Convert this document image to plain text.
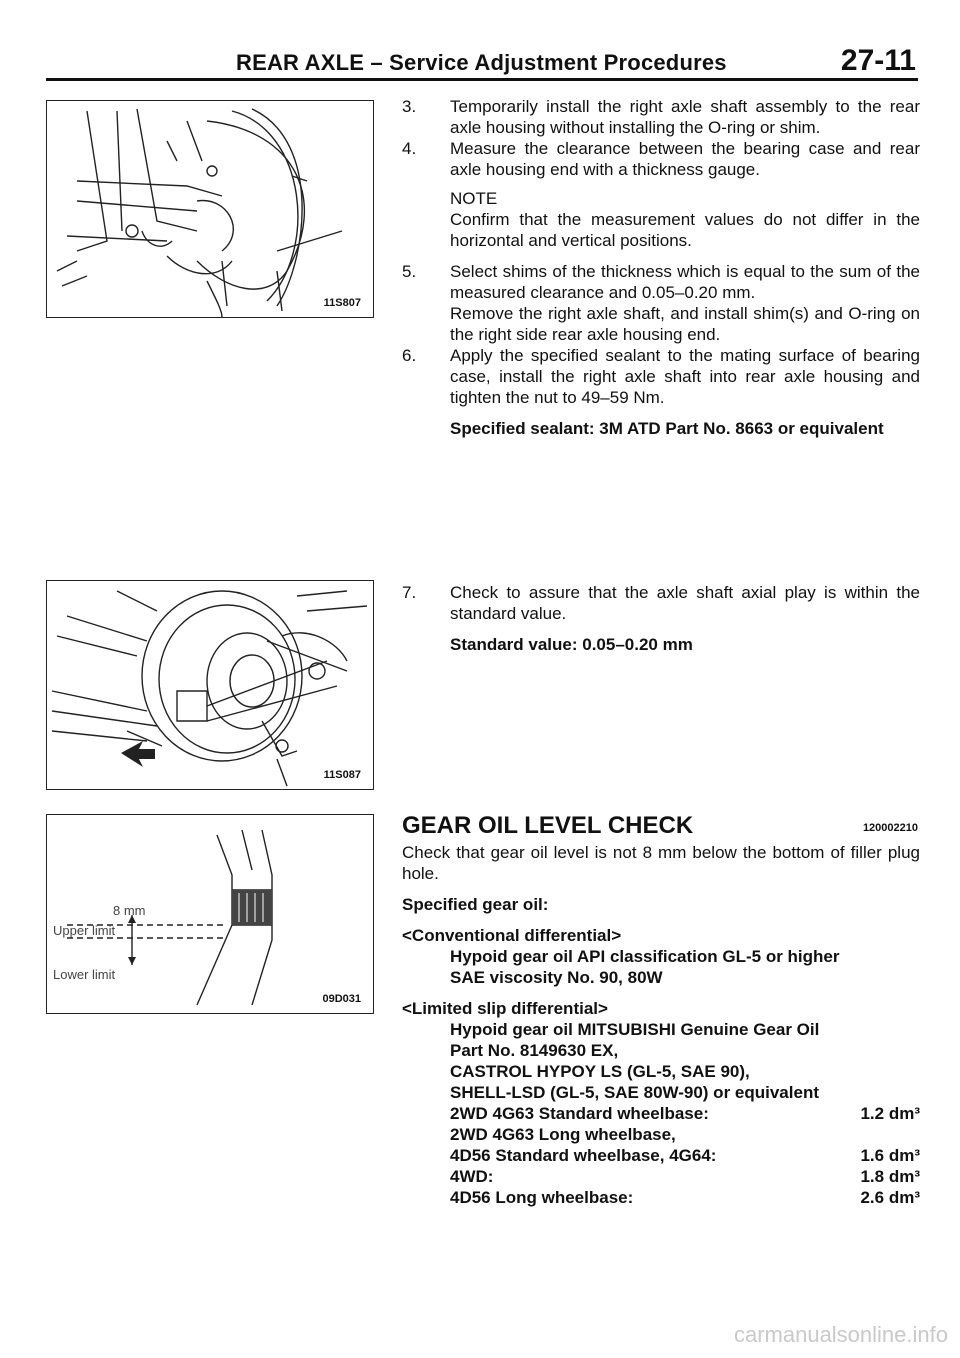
REAR AXLE – Service Adjustment Procedures	27-11
11S807
11S087
8 mm
Upper limit
Lower limit
09D031

3. Temporarily install the right axle shaft assembly to the rear axle housing without installing the O-ring or shim.

4. Measure the clearance between the bearing case and rear axle housing end with a thickness gauge.

NOTE

Confirm that the measurement values do not differ in the horizontal and vertical positions.

5. Select shims of the thickness which is equal to the sum of the measured clearance and 0.05–0.20 mm.

Remove the right axle shaft, and install shim(s) and O-ring on the right side rear axle housing end.

6. Apply the specified sealant to the mating surface of bearing case, install the right axle shaft into rear axle housing and tighten the nut to 49–59 Nm.

Specified sealant: 3M ATD Part No. 8663 or equivalent

7. Check to assure that the axle shaft axial play is within the standard value.

Standard value: 0.05–0.20 mm

GEAR OIL LEVEL CHECK	120002210
Check that gear oil level is not 8 mm below the bottom of filler plug hole.
Specified gear oil:
<Conventional differential>
Hypoid gear oil API classification GL-5 or higher
SAE viscosity No. 90, 80W
<Limited slip differential>
Hypoid gear oil MITSUBISHI Genuine Gear Oil
Part No. 8149630 EX,
CASTROL HYPOY LS (GL-5, SAE 90),
SHELL-LSD (GL-5, SAE 80W-90) or equivalent
2WD 4G63 Standard wheelbase:	1.2 dm³
2WD 4G63 Long wheelbase,
4D56 Standard wheelbase, 4G64:	1.6 dm³
4WD:	1.8 dm³
4D56 Long wheelbase:	2.6 dm³
carmanualsonline.info
